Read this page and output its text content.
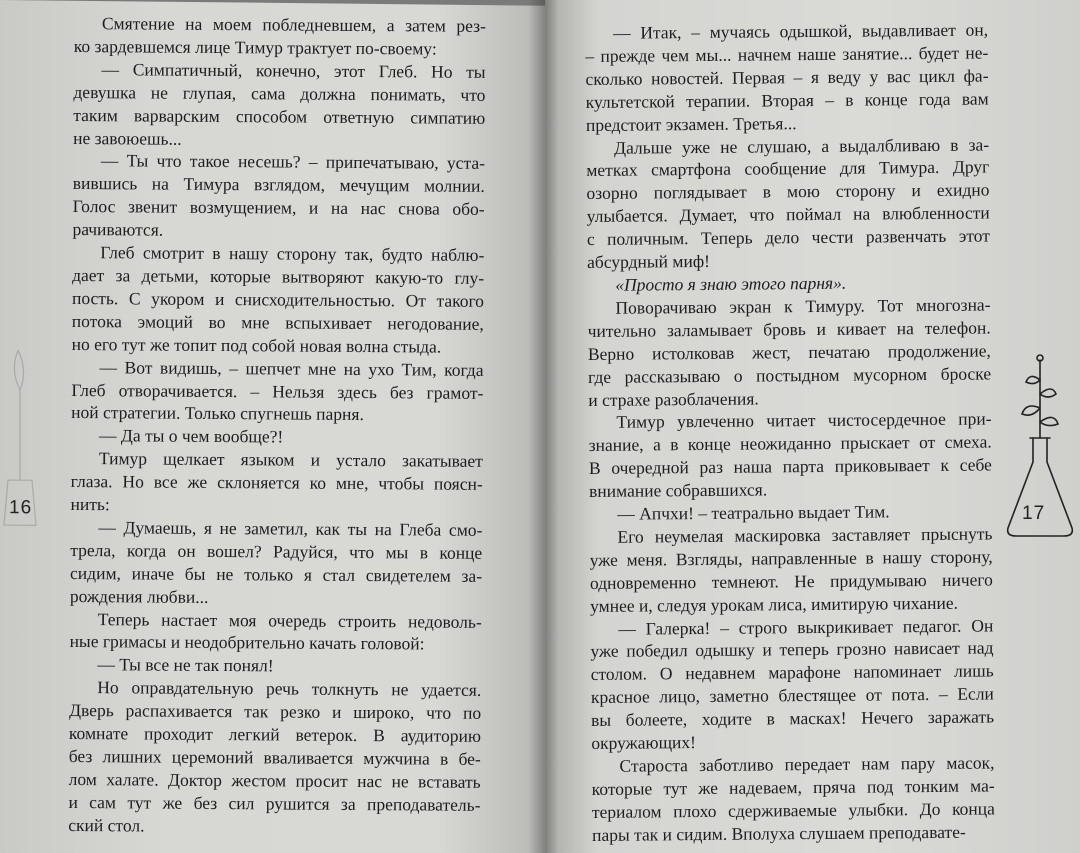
16

Смятение на моем побледневшем, а затем рез-

ко зардевшемся лице Тимур трактует по-своему:

— Симпатичный, конечно, этот Глеб. Но ты

девушка не глупая, сама должна понимать, что

таким варварским способом ответную симпатию

не завоюешь...

— Ты что такое несешь? – припечатываю, уста-

вившись на Тимура взглядом, мечущим молнии.

Голос звенит возмущением, и на нас снова обо-

рачиваются.

Глеб смотрит в нашу сторону так, будто наблю-

дает за детьми, которые вытворяют какую-то глу-

пость. С укором и снисходительностью. От такого

потока эмоций во мне вспыхивает негодование,

но его тут же топит под собой новая волна стыда.

— Вот видишь, – шепчет мне на ухо Тим, когда

Глеб отворачивается. – Нельзя здесь без грамот-

ной стратегии. Только спугнешь парня.

— Да ты о чем вообще?!

Тимур щелкает языком и устало закатывает

глаза. Но все же склоняется ко мне, чтобы поясн-

нить:

— Думаешь, я не заметил, как ты на Глеба смо-

трела, когда он вошел? Радуйся, что мы в конце

сидим, иначе бы не только я стал свидетелем за-

рождения любви...

Теперь настает моя очередь строить недоволь-

ные гримасы и неодобрительно качать головой:

— Ты все не так понял!

Но оправдательную речь толкнуть не удается.

Дверь распахивается так резко и широко, что по

комнате проходит легкий ветерок. В аудиторию

без лишних церемоний вваливается мужчина в бе-

лом халате. Доктор жестом просит нас не вставать

и сам тут же без сил рушится за преподаватель-

ский стол.

— Итак, – мучаясь одышкой, выдавливает он,

– прежде чем мы... начнем наше занятие... будет не-

сколько новостей. Первая – я веду у вас цикл фа-

культетской терапии. Вторая – в конце года вам

предстоит экзамен. Третья...

Дальше уже не слушаю, а выдалбливаю в за-

метках смартфона сообщение для Тимура. Друг

озорно поглядывает в мою сторону и ехидно

улыбается. Думает, что поймал на влюбленности

с поличным. Теперь дело чести развенчать этот

абсурдный миф!

«Просто я знаю этого парня».

Поворачиваю экран к Тимуру. Тот многозна-

чительно заламывает бровь и кивает на телефон.

Верно истолковав жест, печатаю продолжение,

где рассказываю о постыдном мусорном броске

и страхе разоблачения.

Тимур увлеченно читает чистосердечное при-

знание, а в конце неожиданно прыскает от смеха.

В очередной раз наша парта приковывает к себе

внимание собравшихся.

— Апчхи! – театрально выдает Тим.

Его неумелая маскировка заставляет прыснуть

уже меня. Взгляды, направленные в нашу сторону,

одновременно темнеют. Не придумываю ничего

умнее и, следуя урокам лиса, имитирую чихание.

— Галерка! – строго выкрикивает педагог. Он

уже победил одышку и теперь грозно нависает над

столом. О недавнем марафоне напоминает лишь

красное лицо, заметно блестящее от пота. – Если

вы болеете, ходите в масках! Нечего заражать

окружающих!

Староста заботливо передает нам пару масок,

которые тут же надеваем, пряча под тонким ма-

териалом плохо сдерживаемые улыбки. До конца

пары так и сидим. Вполуха слушаем преподавате-

17
